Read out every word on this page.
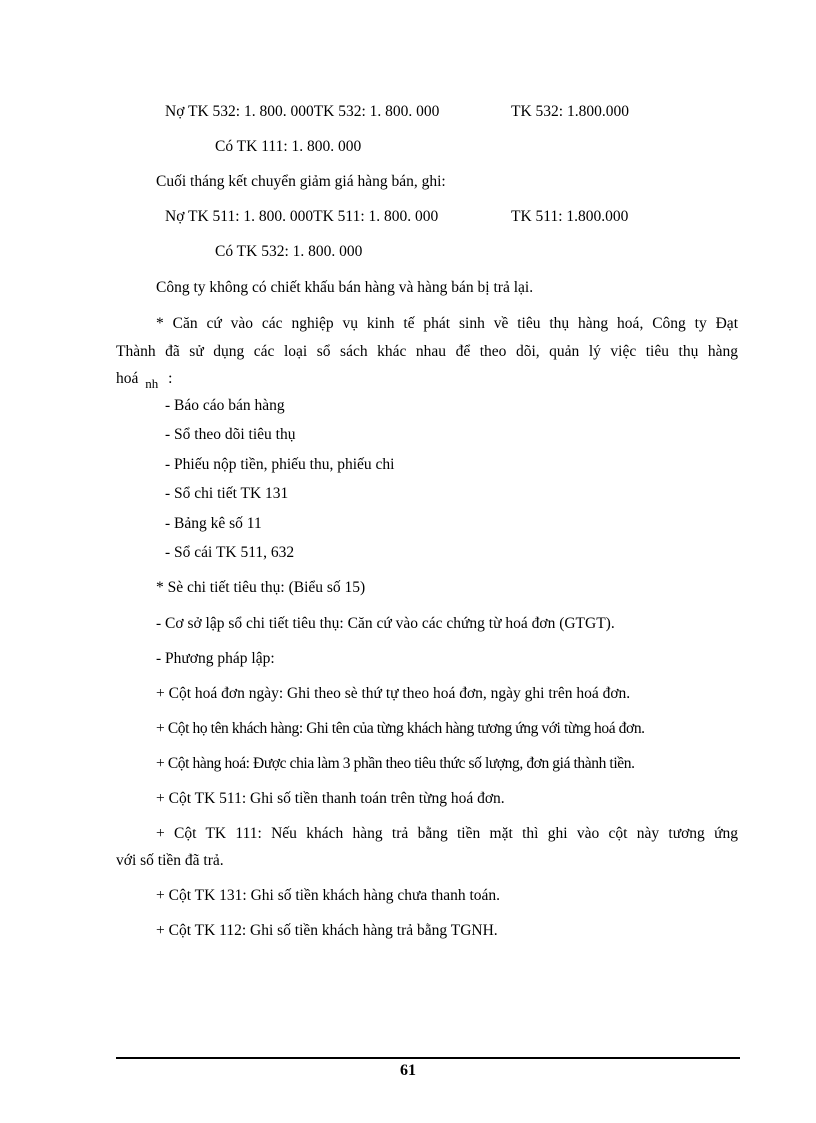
Nợ TK 532: 1. 800. 000TK 532: 1. 800. 000	TK 532: 1.800.000
Có TK 111: 1. 800. 000
Cuối tháng kết chuyển giảm giá hàng bán, ghi:
Nợ TK 511: 1. 800. 000TK 511: 1. 800. 000	TK 511: 1.800.000
Có TK 532: 1. 800. 000
Công ty không có chiết khấu bán hàng và hàng bán bị trả lại.
* Căn cứ vào các nghiệp vụ kinh tế phát sinh về tiêu thụ hàng hoá, Công ty Đạt
Thành đã sử dụng các loại sổ sách khác nhau để theo dõi, quản lý việc tiêu thụ hàng
hoá $_{nh}$ :
- Báo cáo bán hàng
- Sổ theo dõi tiêu thụ
- Phiếu nộp tiền, phiếu thu, phiếu chi
- Sổ chi tiết TK 131
- Bảng kê số 11
- Sổ cái TK 511, 632
* Sè chi tiết tiêu thụ: (Biểu số 15)
- Cơ sở lập sổ chi tiết tiêu thụ: Căn cứ vào các chứng từ hoá đơn (GTGT).
- Phương pháp lập:
+ Cột hoá đơn ngày: Ghi theo sè thứ tự theo hoá đơn, ngày ghi trên hoá đơn.
+ Cột họ tên khách hàng: Ghi tên của từng khách hàng tương ứng với từng hoá đơn.
+ Cột hàng hoá: Được chia làm 3 phần theo tiêu thức số lượng, đơn giá thành tiền.
+ Cột TK 511: Ghi số tiền thanh toán trên từng hoá đơn.
+ Cột TK 111: Nếu khách hàng trả bằng tiền mặt thì ghi vào cột này tương ứng
với số tiền đã trả.
+ Cột TK 131: Ghi số tiền khách hàng chưa thanh toán.
+ Cột TK 112: Ghi số tiền khách hàng trả bằng TGNH.
61
